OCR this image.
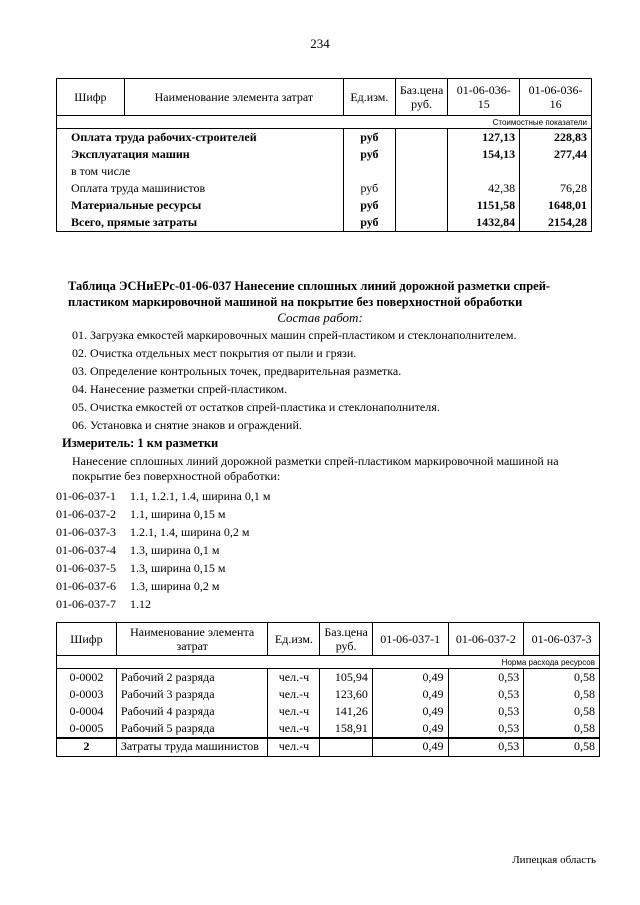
234
Шифр	Наименование элемента затрат	Ед.изм.	Баз.цена руб.	01-06-036-15	01-06-036-16
Стоимостные показатели					
Оплата труда рабочих-строителей		руб		127,13	228,83
Эксплуатация машин		руб		154,13	277,44
в том числе					
Оплата труда машинистов		руб		42,38	76,28
Материальные ресурсы		руб		1151,58	1648,01
Всего, прямые затраты		руб		1432,84	2154,28
Таблица ЭСНиЕРс-01-06-037 Нанесение сплошных линий дорожной разметки спрей-пластиком маркировочной машиной на покрытие без поверхностной обработки
Состав работ:
01. Загрузка емкостей маркировочных машин спрей-пластиком и стеклонаполнителем.
02. Очистка отдельных мест покрытия от пыли и грязи.
03. Определение контрольных точек, предварительная разметка.
04. Нанесение разметки спрей-пластиком.
05. Очистка емкостей от остатков спрей-пластика и стеклонаполнителя.
06. Установка и снятие знаков и ограждений.
Измеритель: 1 км разметки
Нанесение сплошных линий дорожной разметки спрей-пластиком маркировочной машиной на покрытие без поверхностной обработки:
01-06-037-1 1.1, 1.2.1, 1.4, ширина 0,1 м
01-06-037-2 1.1, ширина 0,15 м
01-06-037-3 1.2.1, 1.4, ширина 0,2 м
01-06-037-4 1.3, ширина 0,1 м
01-06-037-5 1.3, ширина 0,15 м
01-06-037-6 1.3, ширина 0,2 м
01-06-037-7 1.12
Шифр	Наименование элемента затрат	Ед.изм.	Баз.цена руб.	01-06-037-1	01-06-037-2	01-06-037-3
Норма расхода ресурсов						
0-0002	Рабочий 2 разряда	чел.-ч	105,94	0,49	0,53	0,58
0-0003	Рабочий 3 разряда	чел.-ч	123,60	0,49	0,53	0,58
0-0004	Рабочий 4 разряда	чел.-ч	141,26	0,49	0,53	0,58
0-0005	Рабочий 5 разряда	чел.-ч	158,91	0,49	0,53	0,58
2	Затраты труда машинистов	чел.-ч		0,49	0,53	0,58
Липецкая область
